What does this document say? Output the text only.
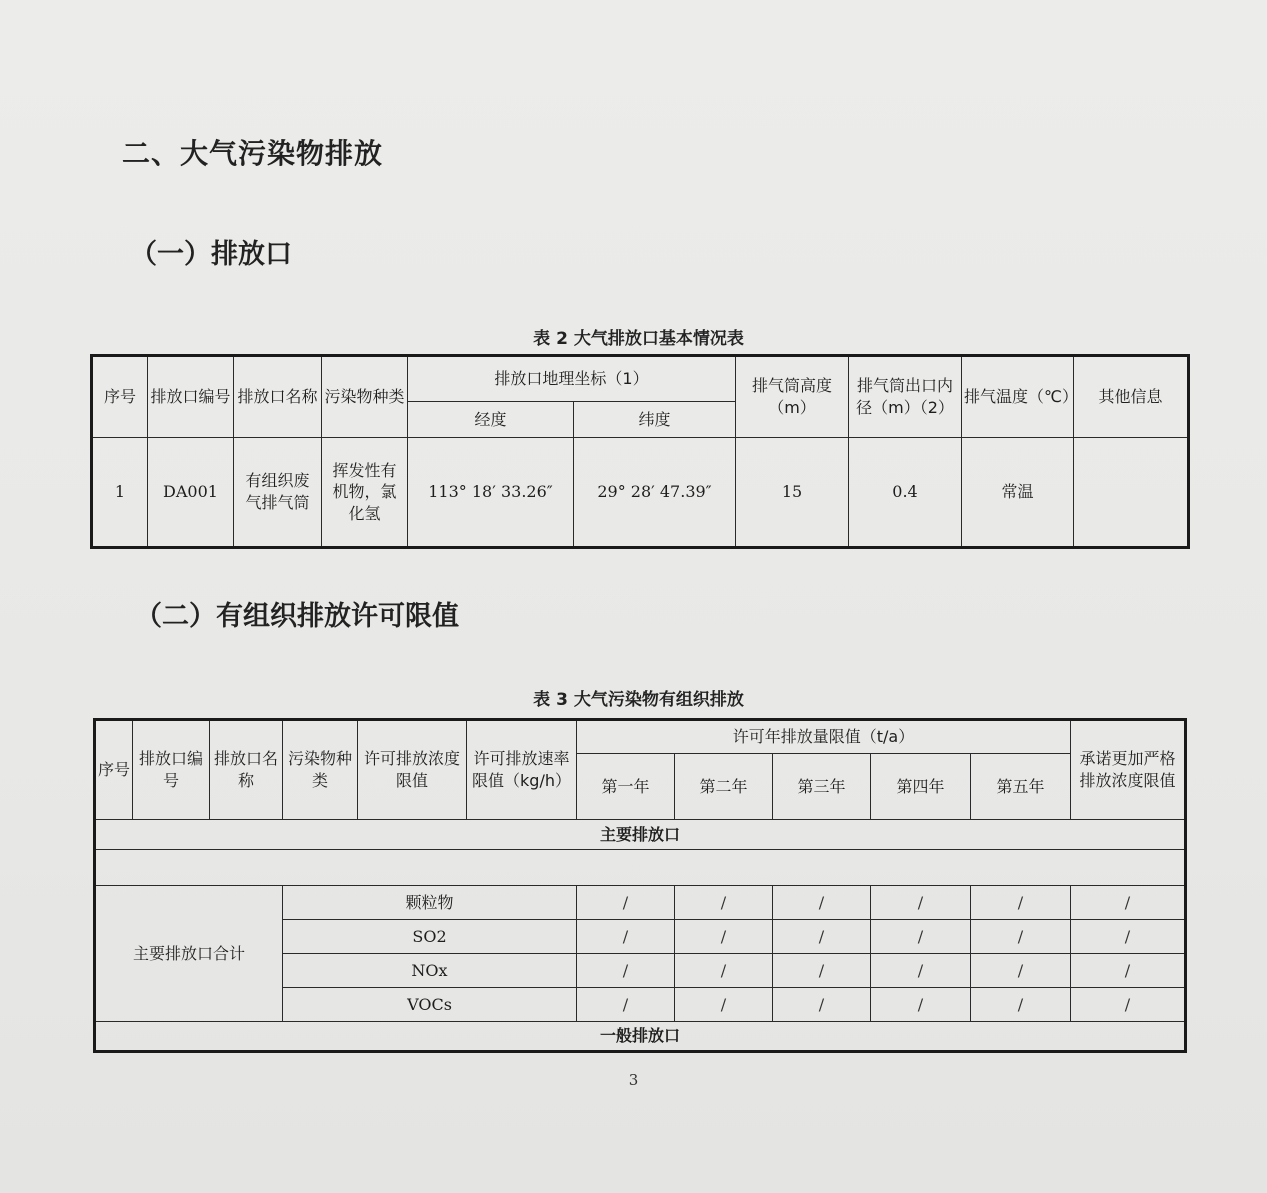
二、大气污染物排放
（一）排放口
表 2 大气排放口基本情况表
序号	排放口编号	排放口名称	污染物种类	排放口地理坐标（1）		排气筒高度（m）	排气筒出口内径（m）（2）	排气温度（℃）	其他信息
				经度	纬度				
1	DA001	有组织废气排气筒	挥发性有机物，氯化氢	113° 18′ 33.26″	29° 28′ 47.39″	15	0.4	常温	
（二）有组织排放许可限值
表 3 大气污染物有组织排放
序号	排放口编号	排放口名称	污染物种类	许可排放浓度限值	许可排放速率限值（kg/h）	许可年排放量限值（t/a）					承诺更加严格排放浓度限值
						第一年	第二年	第三年	第四年	第五年	
主要排放口											

主要排放口合计			颗粒物			/	/	/	/	/	/
			SO2			/	/	/	/	/	/
			NOx			/	/	/	/	/	/
			VOCs			/	/	/	/	/	/
一般排放口											
3
